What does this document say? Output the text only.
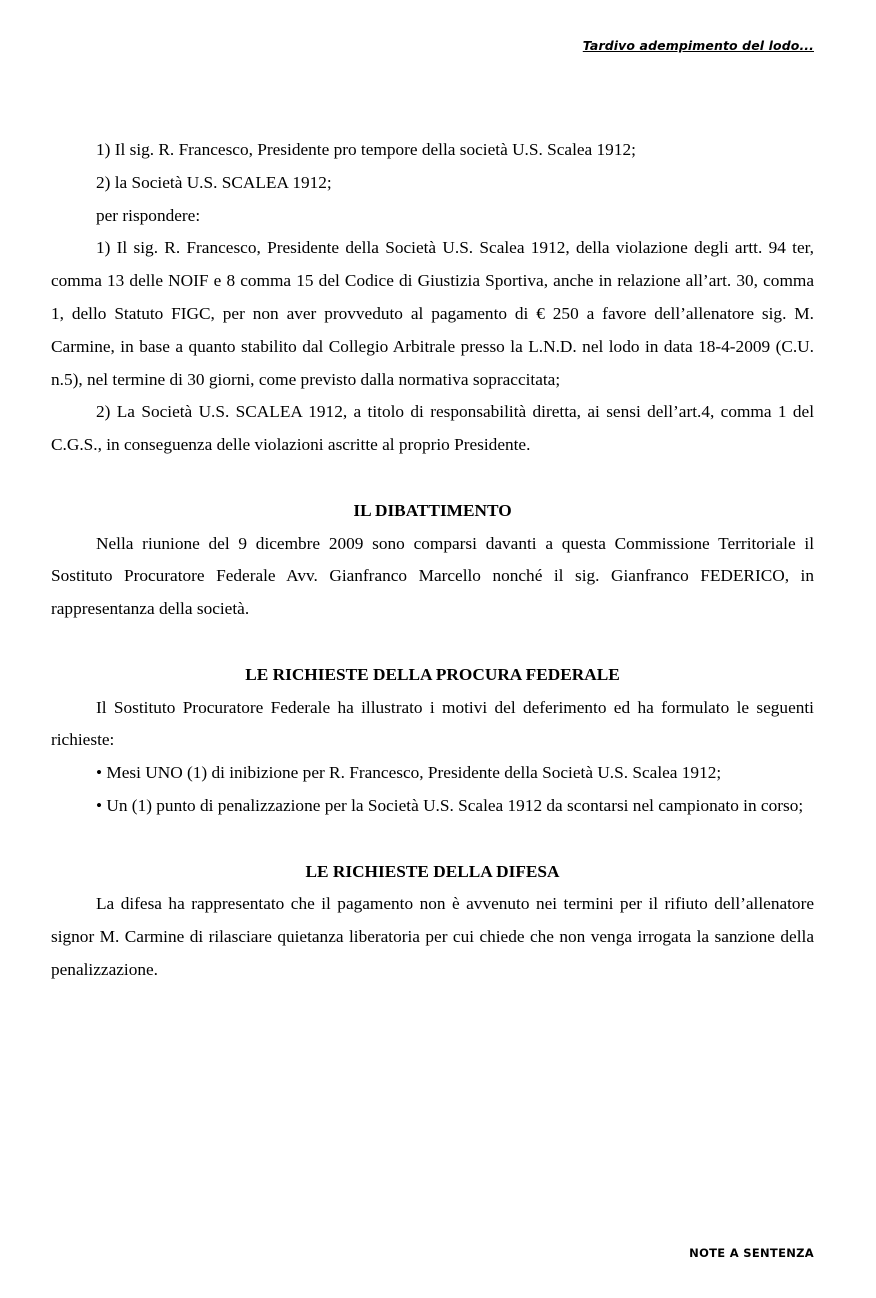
Tardivo adempimento del lodo...

1) Il sig. R. Francesco, Presidente pro tempore della società U.S. Scalea 1912;

2) la Società U.S. SCALEA 1912;

per rispondere:

1) Il sig. R. Francesco, Presidente della Società U.S. Scalea 1912, della violazione degli artt. 94 ter, comma 13 delle NOIF e 8 comma 15 del Codice di Giustizia Sportiva, anche in relazione all’art. 30, comma 1, dello Statuto FIGC, per non aver provveduto al pagamento di € 250 a favore dell’allenatore sig. M. Carmine, in base a quanto stabilito dal Collegio Arbitrale presso la L.N.D. nel lodo in data 18-4-2009 (C.U. n.5), nel termine di 30 giorni, come previsto dalla normativa sopraccitata;

2) La Società U.S. SCALEA 1912, a titolo di responsabilità diretta, ai sensi dell’art.4, comma 1 del C.G.S., in conseguenza delle violazioni ascritte al proprio Presidente.

IL DIBATTIMENTO

Nella riunione del 9 dicembre 2009 sono comparsi davanti a questa Commissione Territoriale il Sostituto Procuratore Federale Avv. Gianfranco Marcello nonché il sig. Gianfranco FEDERICO, in rappresentanza della società.

LE RICHIESTE DELLA PROCURA FEDERALE

Il Sostituto Procuratore Federale ha illustrato i motivi del deferimento ed ha formulato le seguenti richieste:

• Mesi UNO (1) di inibizione per R. Francesco, Presidente della Società U.S. Scalea 1912;

• Un (1) punto di penalizzazione per la Società U.S. Scalea 1912 da scontarsi nel campionato in corso;

LE RICHIESTE DELLA DIFESA

La difesa ha rappresentato che il pagamento non è avvenuto nei termini per il rifiuto dell’allenatore signor M. Carmine di rilasciare quietanza liberatoria per cui chiede che non venga irrogata la sanzione della penalizzazione.

NOTE A SENTENZA
